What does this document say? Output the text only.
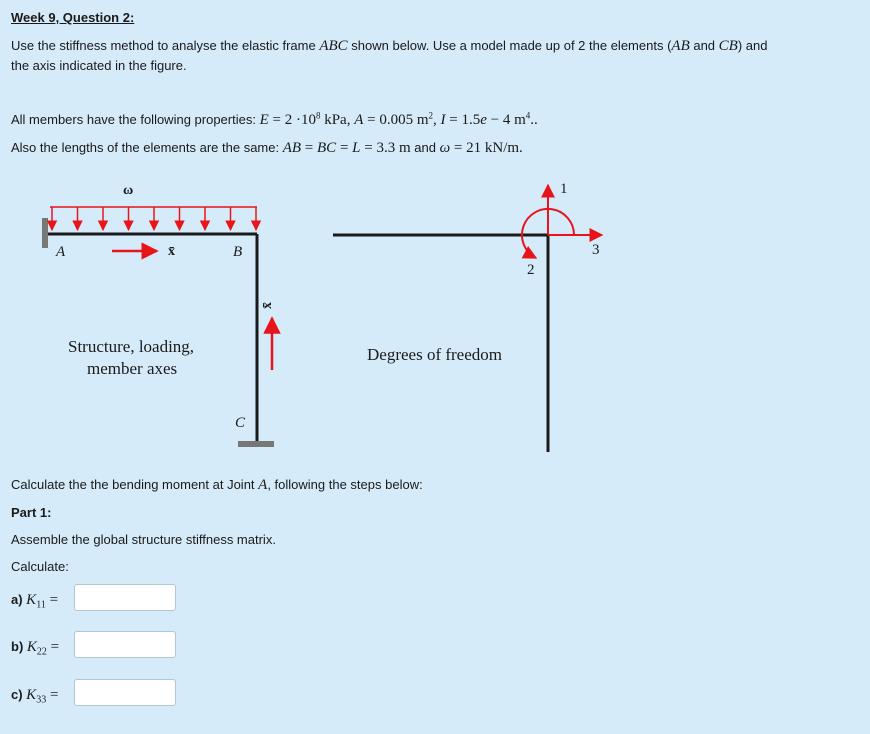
Week 9, Question 2:
Use the stiffness method to analyse the elastic frame ABC shown below. Use a model made up of 2 the elements (AB and CB) and
the axis indicated in the figure.
All members have the following properties: $E = 2 \cdot 10^8$ kPa, A = 0.005 $m^2$, I = 1.5e − 4 $m^4$..
Also the lengths of the elements are the same: AB = BC = L = 3.3 m and ω = 21 kN/m.
ω
A	B
C
x̄
x̄
Structure, loading,
member axes
Degrees of freedom
1
2
3
Calculate the the bending moment at Joint A, following the steps below:
Part 1:
Assemble the global structure stiffness matrix.
Calculate:
a) $K_{11}$ =
b) $K_{22}$ =
c) $K_{33}$ =
